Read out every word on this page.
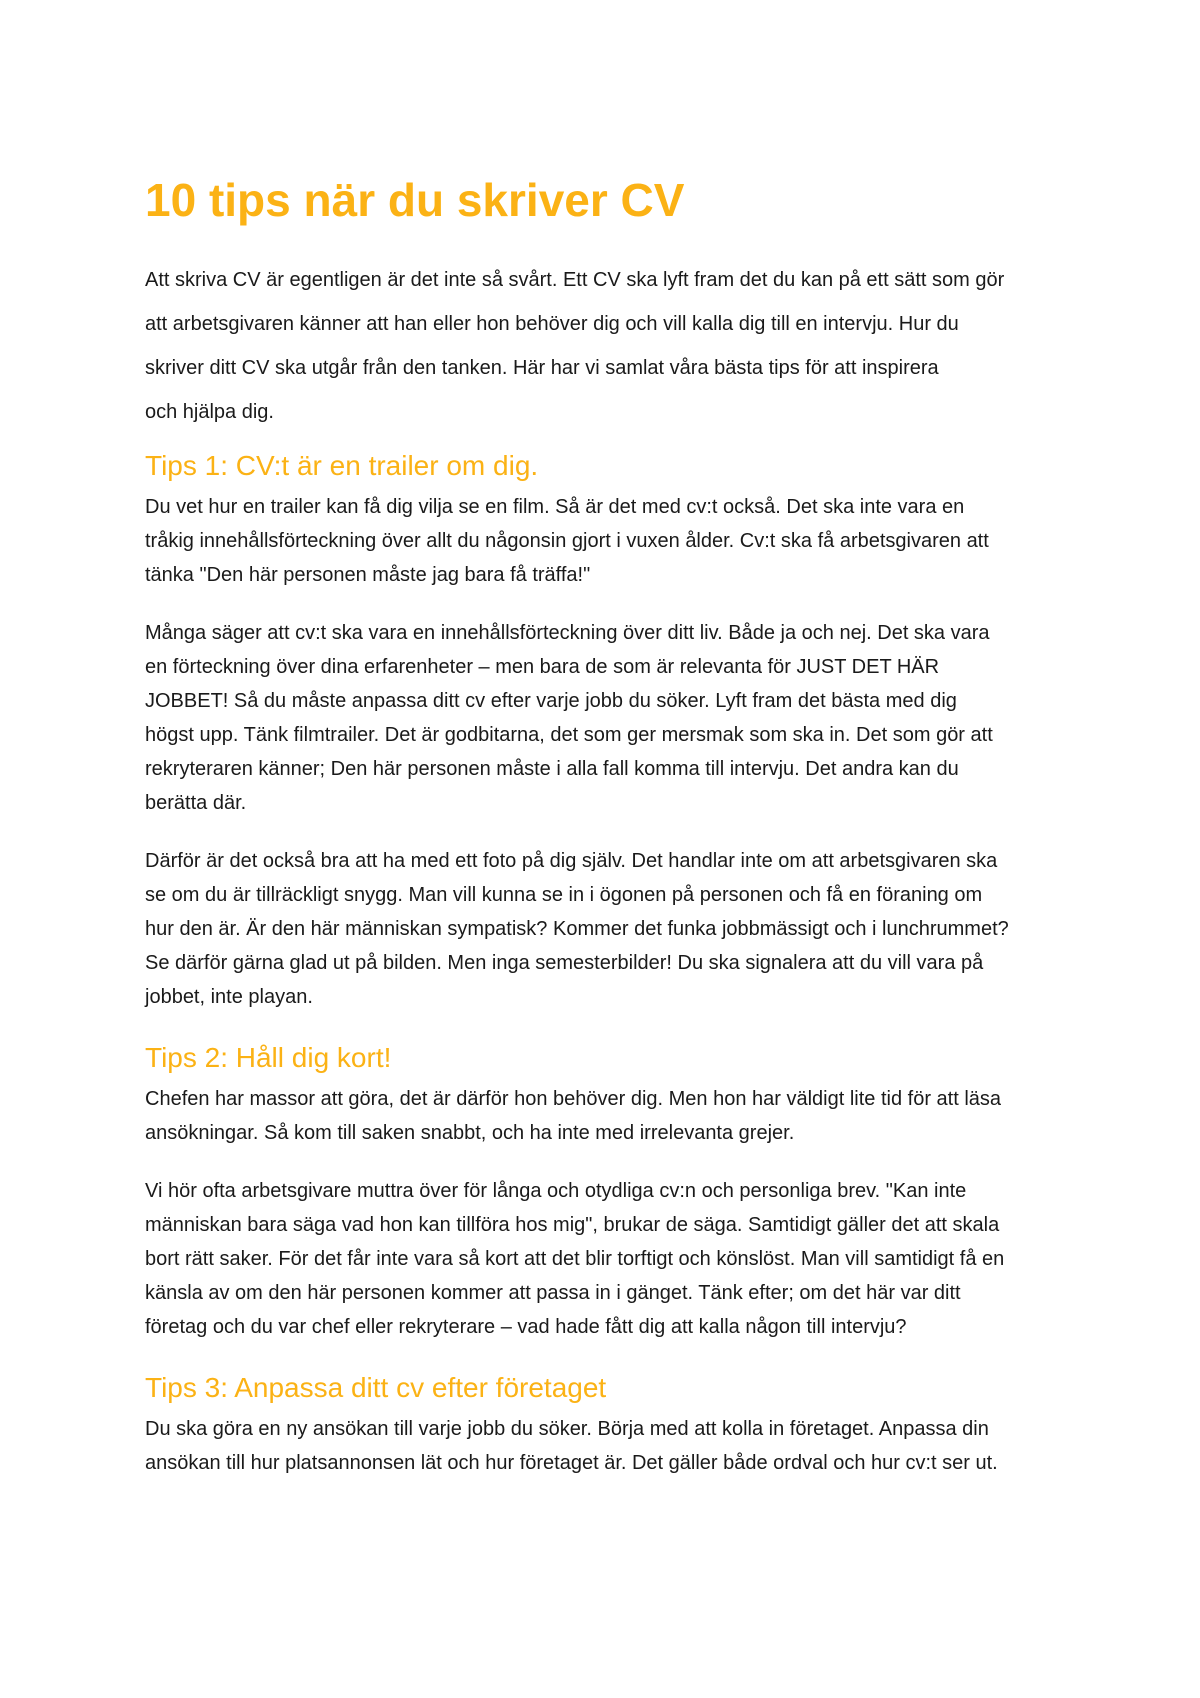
10 tips när du skriver CV
Att skriva CV är egentligen är det inte så svårt. Ett CV ska lyft fram det du kan på ett sätt som gör
att arbetsgivaren känner att han eller hon behöver dig och vill kalla dig till en intervju. Hur du
skriver ditt CV ska utgår från den tanken. Här har vi samlat våra bästa tips för att inspirera
och hjälpa dig.
Tips 1: CV:t är en trailer om dig.
Du vet hur en trailer kan få dig vilja se en film. Så är det med cv:t också. Det ska inte vara en
tråkig innehållsförteckning över allt du någonsin gjort i vuxen ålder. Cv:t ska få arbetsgivaren att
tänka "Den här personen måste jag bara få träffa!"
Många säger att cv:t ska vara en innehållsförteckning över ditt liv. Både ja och nej. Det ska vara
en förteckning över dina erfarenheter – men bara de som är relevanta för JUST DET HÄR
JOBBET! Så du måste anpassa ditt cv efter varje jobb du söker. Lyft fram det bästa med dig
högst upp. Tänk filmtrailer. Det är godbitarna, det som ger mersmak som ska in. Det som gör att
rekryteraren känner; Den här personen måste i alla fall komma till intervju. Det andra kan du
berätta där.
Därför är det också bra att ha med ett foto på dig själv. Det handlar inte om att arbetsgivaren ska
se om du är tillräckligt snygg. Man vill kunna se in i ögonen på personen och få en föraning om
hur den är. Är den här människan sympatisk? Kommer det funka jobbmässigt och i lunchrummet?
Se därför gärna glad ut på bilden. Men inga semesterbilder! Du ska signalera att du vill vara på
jobbet, inte playan.
Tips 2: Håll dig kort!
Chefen har massor att göra, det är därför hon behöver dig. Men hon har väldigt lite tid för att läsa
ansökningar. Så kom till saken snabbt, och ha inte med irrelevanta grejer.
Vi hör ofta arbetsgivare muttra över för långa och otydliga cv:n och personliga brev. "Kan inte
människan bara säga vad hon kan tillföra hos mig", brukar de säga. Samtidigt gäller det att skala
bort rätt saker. För det får inte vara så kort att det blir torftigt och könslöst. Man vill samtidigt få en
känsla av om den här personen kommer att passa in i gänget. Tänk efter; om det här var ditt
företag och du var chef eller rekryterare – vad hade fått dig att kalla någon till intervju?
Tips 3: Anpassa ditt cv efter företaget
Du ska göra en ny ansökan till varje jobb du söker. Börja med att kolla in företaget. Anpassa din
ansökan till hur platsannonsen lät och hur företaget är. Det gäller både ordval och hur cv:t ser ut.
